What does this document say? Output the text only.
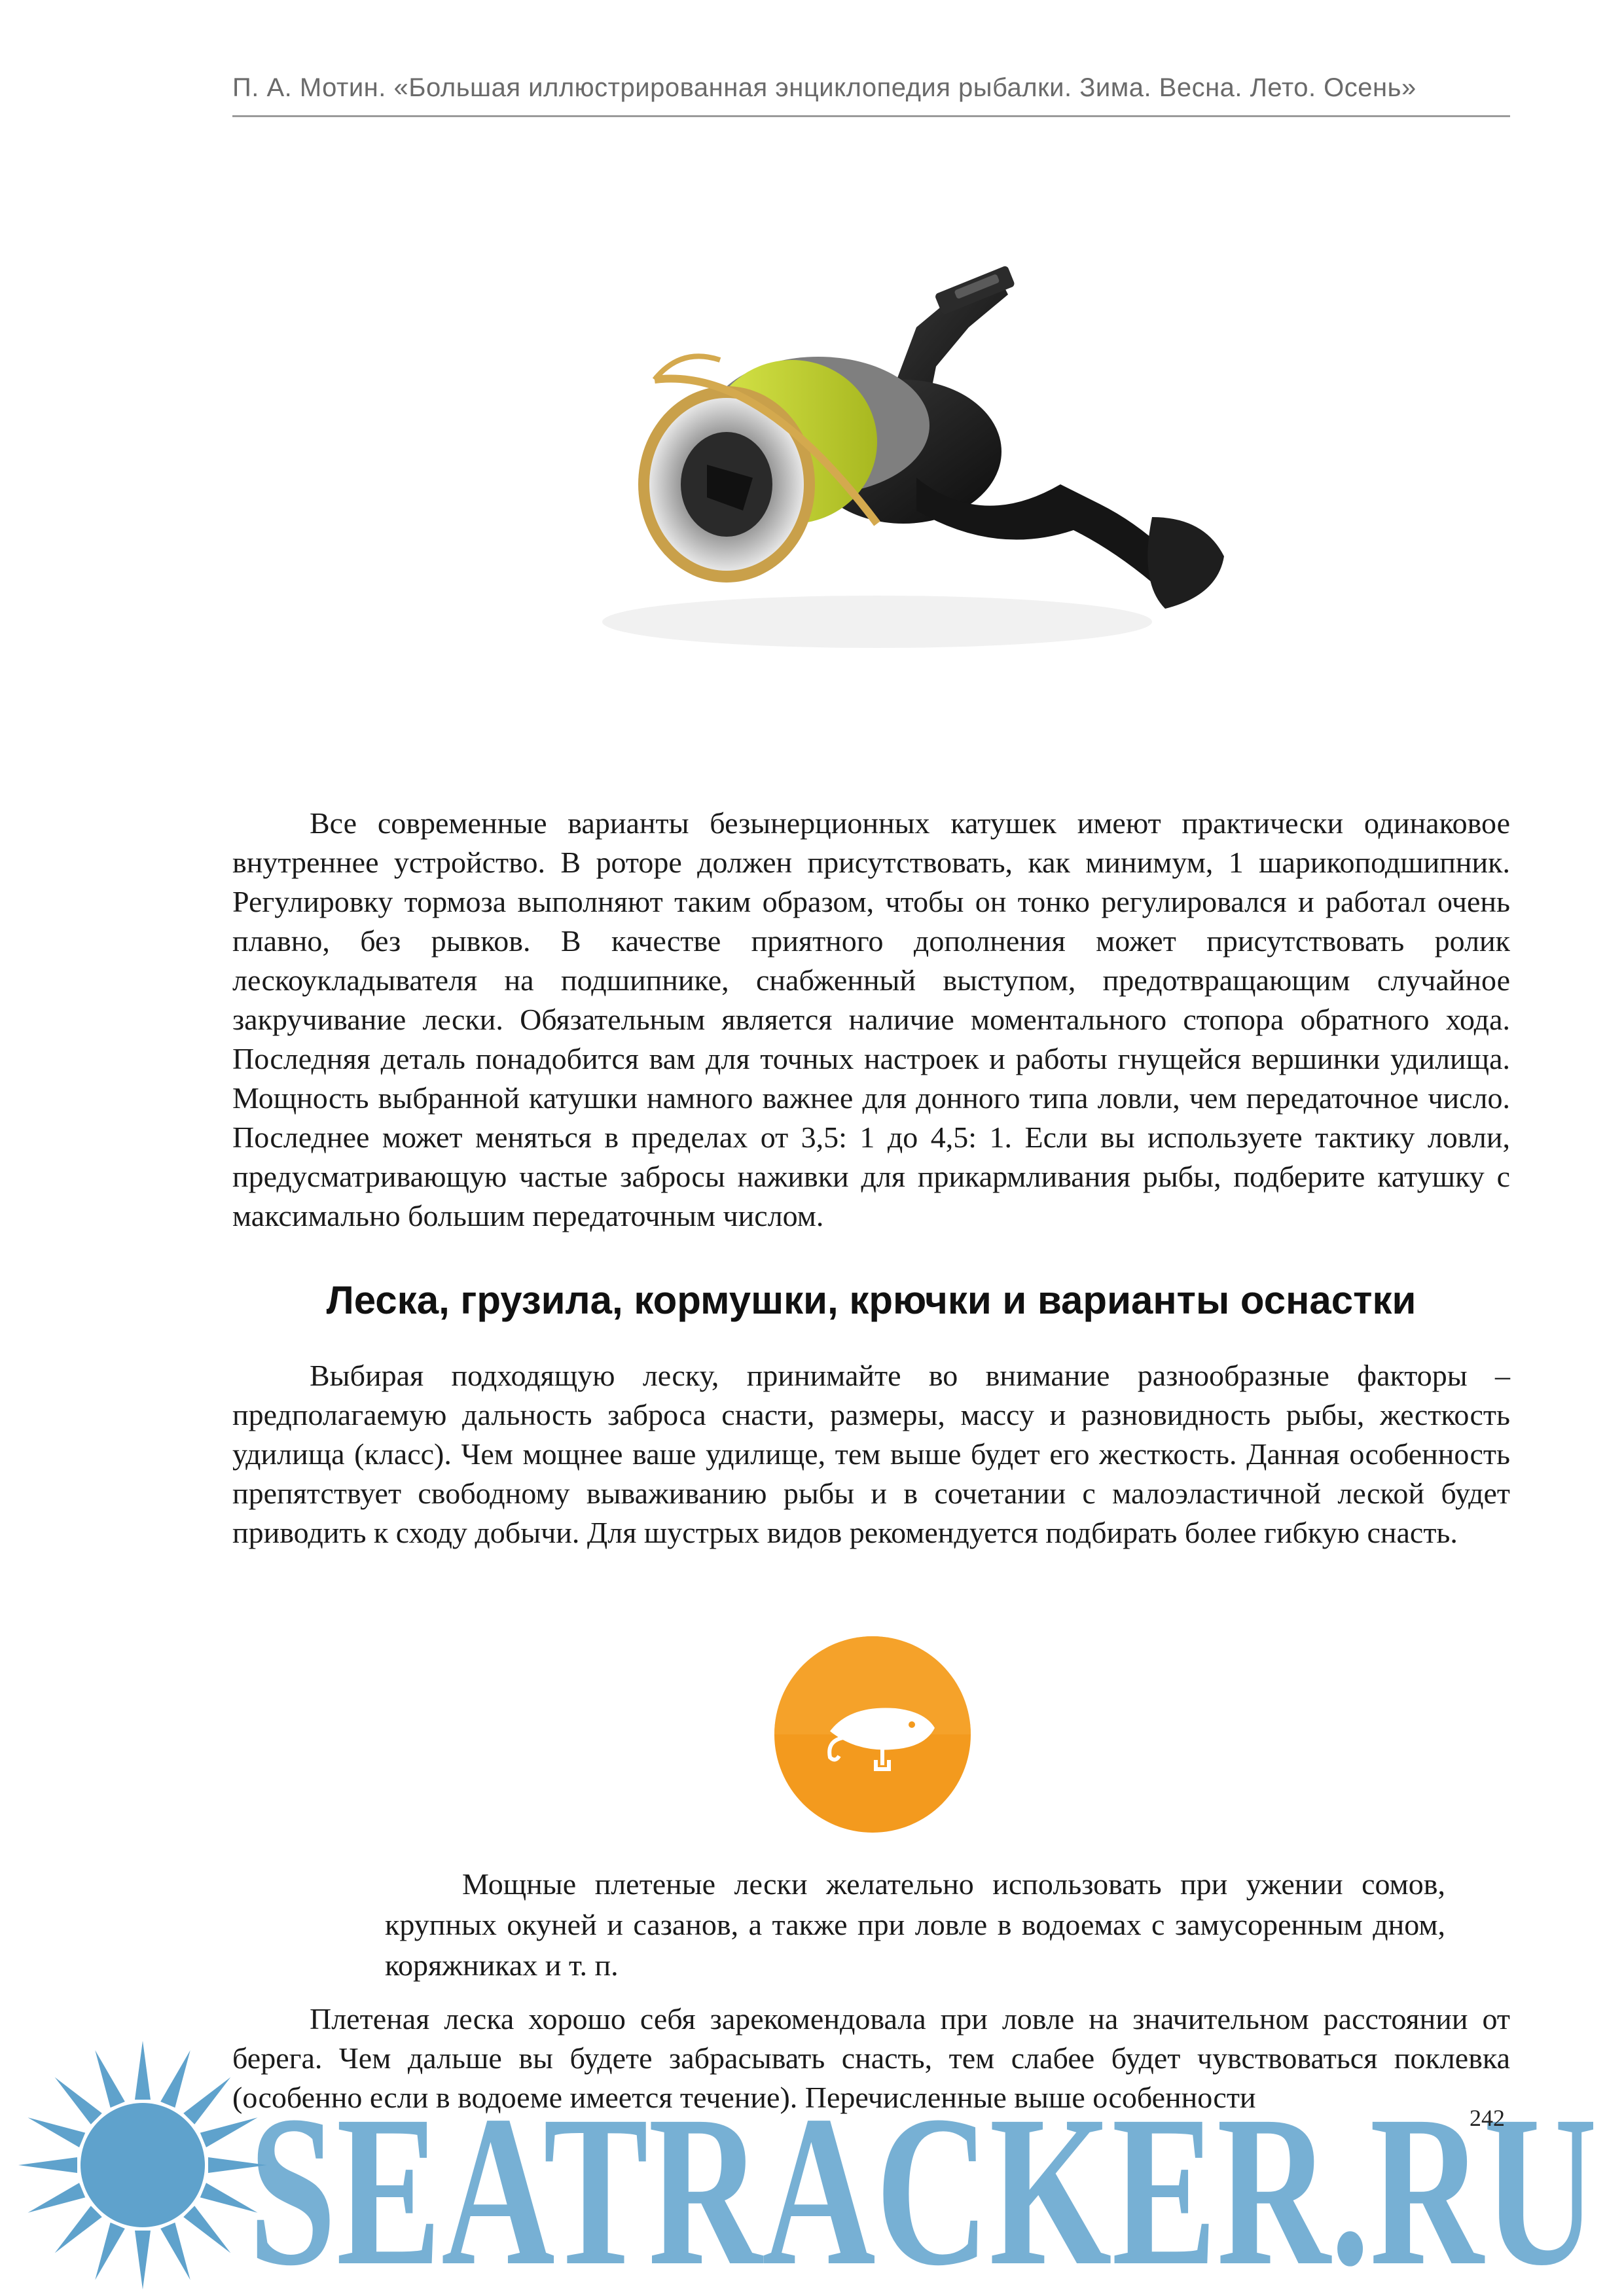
П. А. Мотин. «Большая иллюстрированная энциклопедия рыбалки. Зима. Весна. Лето. Осень»

Все современные варианты безынерционных катушек имеют практически одинаковое внутреннее устройство. В роторе должен присутствовать, как минимум, 1 шарикоподшипник. Регулировку тормоза выполняют таким образом, чтобы он тонко регулировался и работал очень плавно, без рывков. В качестве приятного дополнения может присутствовать ролик лескоукладывателя на подшипнике, снабженный выступом, предотвращающим случайное закручивание лески. Обязательным является наличие моментального стопора обратного хода. Последняя деталь понадобится вам для точных настроек и работы гнущейся вершинки удилища. Мощность выбранной катушки намного важнее для донного типа ловли, чем передаточное число. Последнее может меняться в пределах от 3,5: 1 до 4,5: 1. Если вы используете тактику ловли, предусматривающую частые забросы наживки для прикармливания рыбы, подберите катушку с максимально большим передаточным числом.

Леска, грузила, кормушки, крючки и варианты оснастки

Выбирая подходящую леску, принимайте во внимание разнообразные факторы – предполагаемую дальность заброса снасти, размеры, массу и разновидность рыбы, жесткость удилища (класс). Чем мощнее ваше удилище, тем выше будет его жесткость. Данная особенность препятствует свободному вываживанию рыбы и в сочетании с малоэластичной леской будет приводить к сходу добычи. Для шустрых видов рекомендуется подбирать более гибкую снасть.

Мощные плетеные лески желательно использовать при ужении сомов, крупных окуней и сазанов, а также при ловле в водоемах с замусоренным дном, коряжниках и т. п.

Плетеная леска хорошо себя зарекомендовала при ловле на значительном расстоянии от берега. Чем дальше вы будете забрасывать снасть, тем слабее будет чувствоваться поклевка (особенно если в водоеме имеется течение). Перечисленные выше особенности

SEATRACKER.RU
242
